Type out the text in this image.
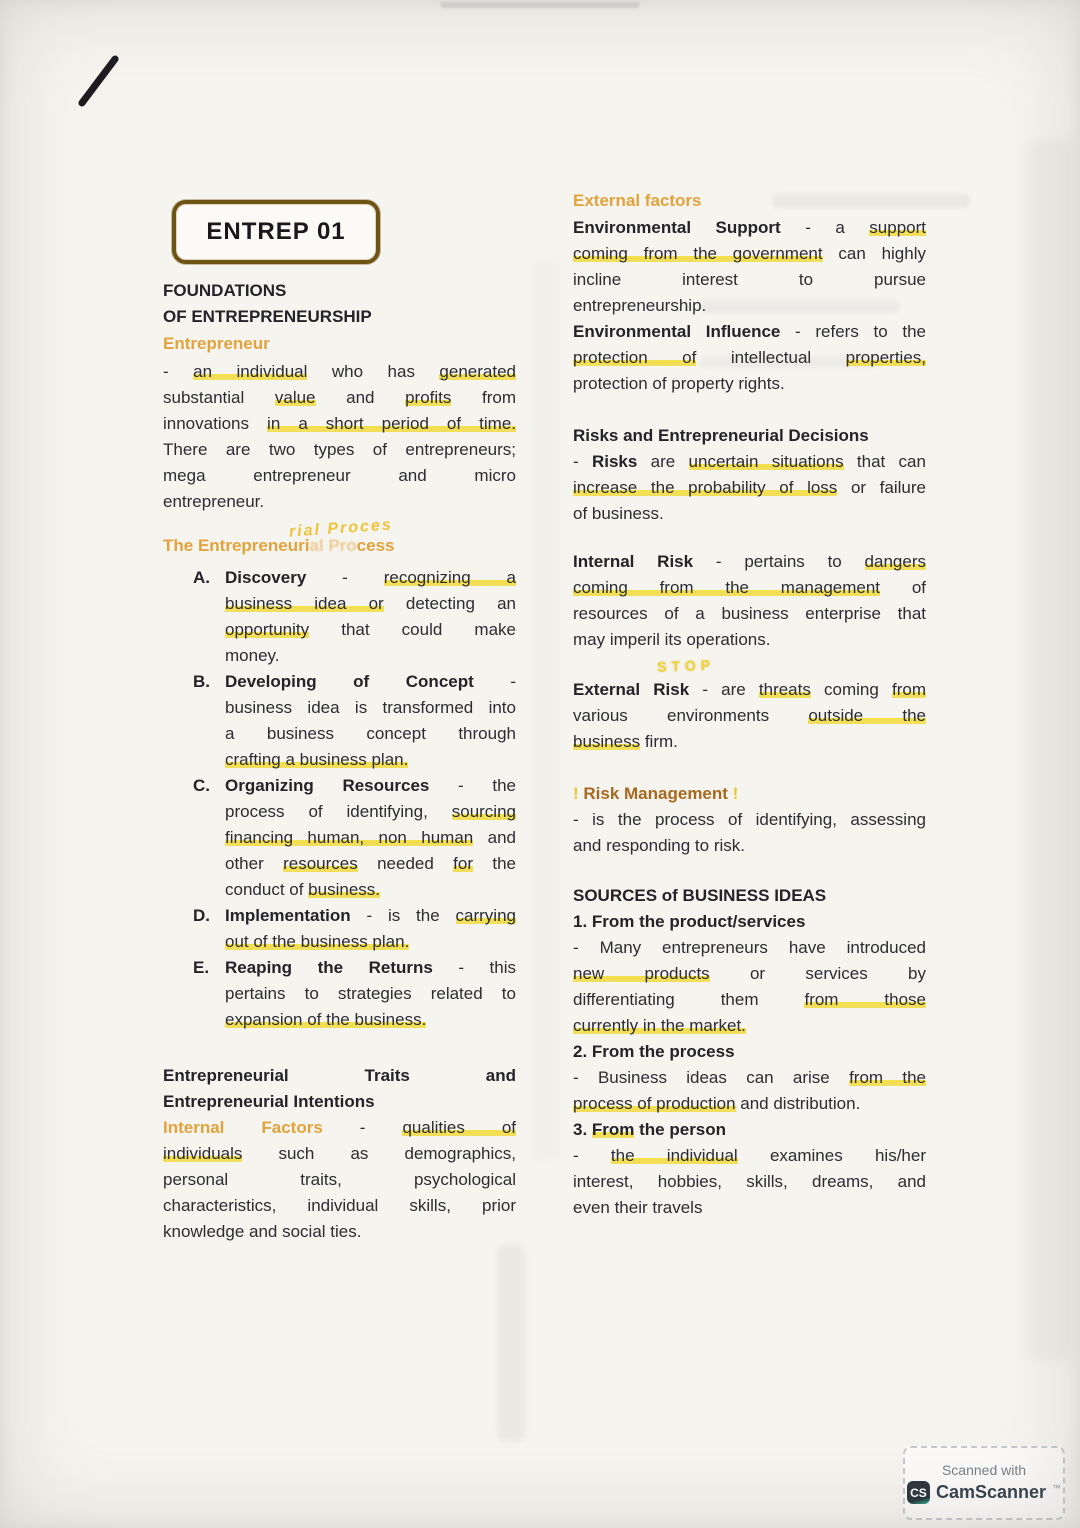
ENTREP 01
FOUNDATIONS
OF ENTREPRENEURSHIP
Entrepreneur
- an individual who has generated
substantial value and profits from
innovations in a short period of time.
There are two types of entrepreneurs;
mega entrepreneur and micro
entrepreneur.
The Entrepreneurial Process
rial Proces
A. Discovery - recognizing a
business idea or detecting an
opportunity that could make
money.
B. Developing of Concept -
business idea is transformed into
a business concept through
crafting a business plan.
C. Organizing Resources - the
process of identifying, sourcing
financing human, non human and
other resources needed for the
conduct of business.
D. Implementation - is the carrying
out of the business plan.
E. Reaping the Returns - this
pertains to strategies related to
expansion of the business.
Entrepreneurial Traits and
Entrepreneurial Intentions
Internal Factors - qualities of
individuals such as demographics,
personal traits, psychological
characteristics, individual skills, prior
knowledge and social ties.
External factors
Environmental Support - a support
coming from the government can highly
incline interest to pursue
entrepreneurship.
Environmental Influence - refers to the
protection of intellectual properties,
protection of property rights.
Risks and Entrepreneurial Decisions
- Risks are uncertain situations that can
increase the probability of loss or failure
of business.
Internal Risk - pertains to dangers
coming from the management of
resources of a business enterprise that
may imperil its operations.
STOP
External Risk - are threats coming from
various environments outside the
business firm.
! Risk Management !
- is the process of identifying, assessing
and responding to risk.
SOURCES of BUSINESS IDEAS
1. From the product/services
- Many entrepreneurs have introduced
new products or services by
differentiating them from those
currently in the market.
2. From the process
- Business ideas can arise from the
process of production and distribution.
3. From the person
- the individual examines his/her
interest, hobbies, skills, dreams, and
even their travels
Scanned with
CS CamScanner ™
